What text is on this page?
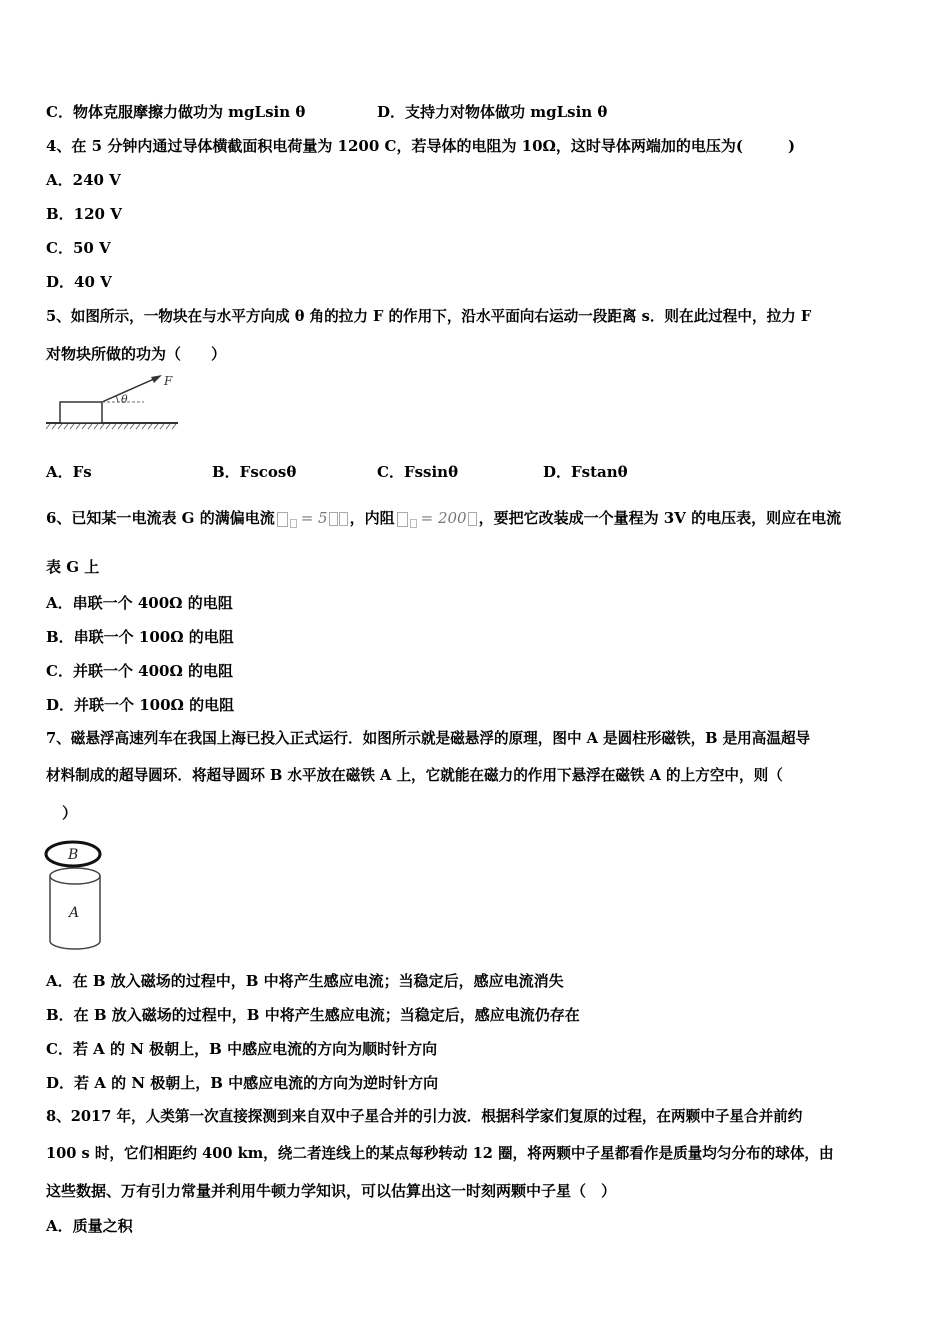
C．物体克服摩擦力做功为 mgLsin θ	D．支持力对物体做功 mgLsin θ
4、在 5 分钟内通过导体横截面积电荷量为 1200 C，若导体的电阻为 10Ω，这时导体两端加的电压为(　　　)
A．240 V
B．120 V
C．50 V
D．40 V
5、如图所示，一物块在与水平方向成 θ 角的拉力 F 的作用下，沿水平面向右运动一段距离 s．则在此过程中，拉力 F
对物块所做的功为（　　）
θ
F
A．Fs	B．Fscosθ	C．Fssinθ	D．Fstanθ
6、已知某一电流表 G 的满偏电流 = 5 ，内阻 = 200 ，要把它改装成一个量程为 3V 的电压表，则应在电流
表 G 上
A．串联一个 400Ω 的电阻
B．串联一个 100Ω 的电阻
C．并联一个 400Ω 的电阻
D．并联一个 100Ω 的电阻
7、磁悬浮高速列车在我国上海已投入正式运行．如图所示就是磁悬浮的原理，图中 A 是圆柱形磁铁，B 是用高温超导
材料制成的超导圆环．将超导圆环 B 水平放在磁铁 A 上，它就能在磁力的作用下悬浮在磁铁 A 的上方空中，则（
）
B
A
A．在 B 放入磁场的过程中，B 中将产生感应电流；当稳定后，感应电流消失
B．在 B 放入磁场的过程中，B 中将产生感应电流；当稳定后，感应电流仍存在
C．若 A 的 N 极朝上，B 中感应电流的方向为顺时针方向
D．若 A 的 N 极朝上，B 中感应电流的方向为逆时针方向
8、2017 年，人类第一次直接探测到来自双中子星合并的引力波．根据科学家们复原的过程，在两颗中子星合并前约
100 s 时，它们相距约 400 km，绕二者连线上的某点每秒转动 12 圈，将两颗中子星都看作是质量均匀分布的球体，由
这些数据、万有引力常量并利用牛顿力学知识，可以估算出这一时刻两颗中子星（　）
A．质量之积
